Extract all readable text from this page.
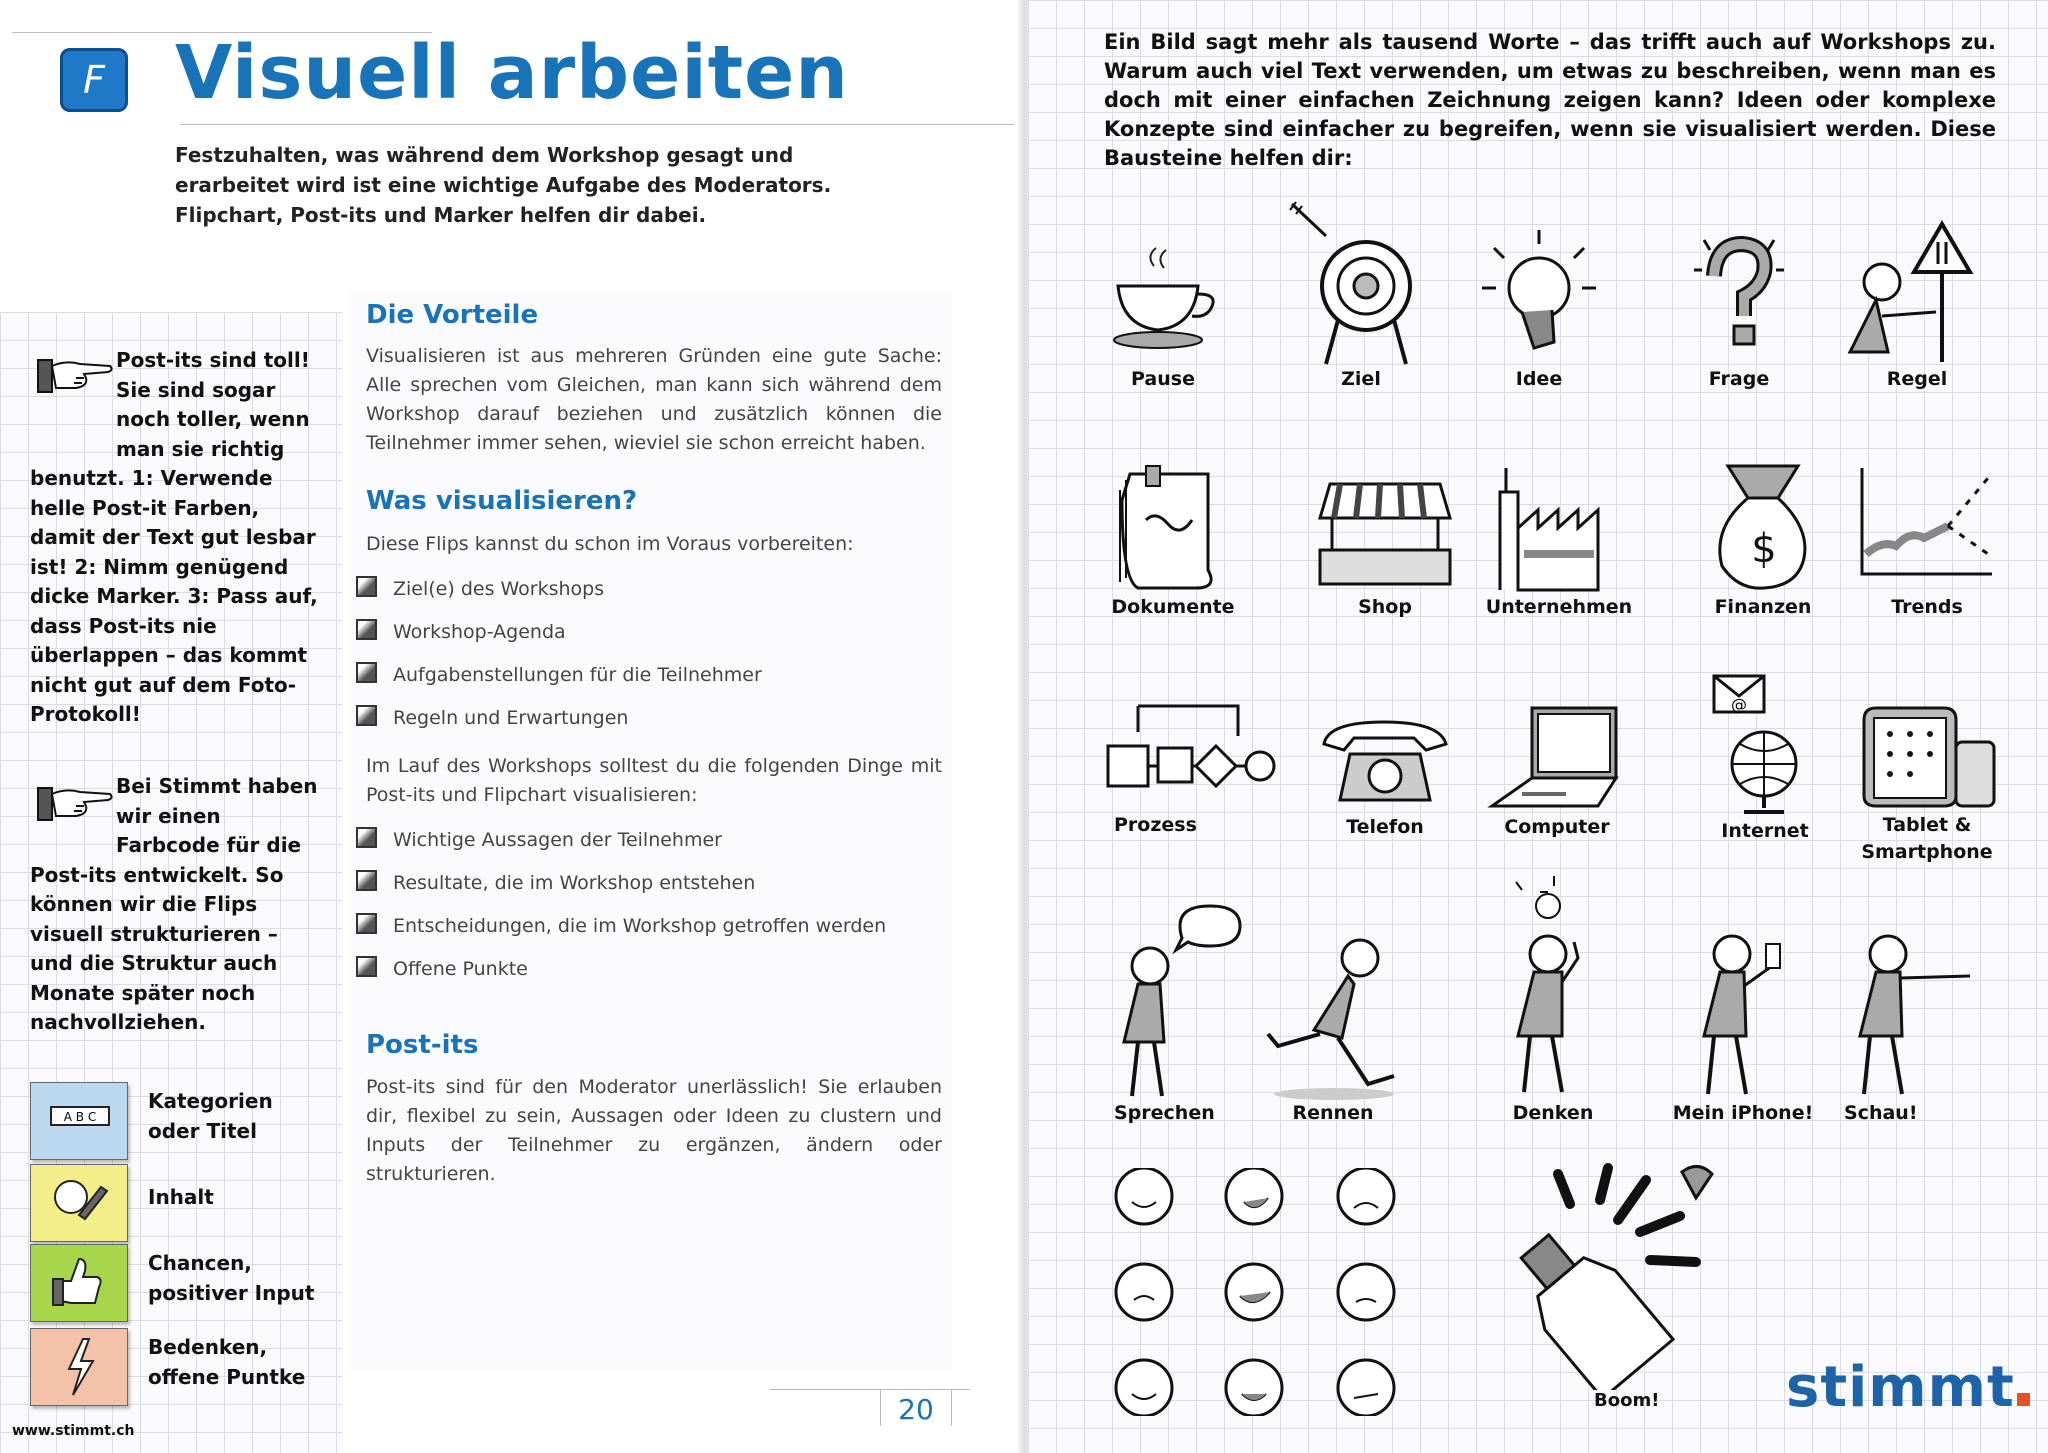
F Visuell arbeiten
Festzuhalten, was während dem Workshop gesagt und erarbeitet wird ist eine wichtige Aufgabe des Moderators. Flipchart, Post-its und Marker helfen dir dabei.
Post-its sind toll! Sie sind sogar noch toller, wenn man sie richtig benutzt. 1: Verwende helle Post-it Farben, damit der Text gut lesbar ist! 2: Nimm genügend dicke Marker. 3: Pass auf, dass Post-its nie überlappen – das kommt nicht gut auf dem Foto-Protokoll!
Bei Stimmt haben wir einen Farbcode für die Post-its entwickelt. So können wir die Flips visuell strukturieren – und die Struktur auch Monate später noch nachvollziehen.
A B C
Kategorien oder Titel
Inhalt
Chancen, positiver Input
Bedenken, offene Puntke
www.stimmt.ch
Die Vorteile
Visualisieren ist aus mehreren Gründen eine gute Sache: Alle sprechen vom Gleichen, man kann sich während dem Workshop darauf beziehen und zusätzlich können die Teilnehmer immer sehen, wieviel sie schon erreicht haben.
Was visualisieren?
Diese Flips kannst du schon im Voraus vorbereiten:
Ziel(e) des Workshops
Workshop-Agenda
Aufgabenstellungen für die Teilnehmer
Regeln und Erwartungen
Im Lauf des Workshops solltest du die folgenden Dinge mit Post-its und Flipchart visualisieren:
Wichtige Aussagen der Teilnehmer
Resultate, die im Workshop entstehen
Entscheidungen, die im Workshop getroffen werden
Offene Punkte
Post-its
Post-its sind für den Moderator unerlässlich! Sie erlauben dir, flexibel zu sein, Aussagen oder Ideen zu clustern und Inputs der Teilnehmer zu ergänzen, ändern oder strukturieren.
20
Ein Bild sagt mehr als tausend Worte – das trifft auch auf Workshops zu. Warum auch viel Text verwenden, um etwas zu beschreiben, wenn man es doch mit einer einfachen Zeichnung zeigen kann? Ideen oder komplexe Konzepte sind einfacher zu begreifen, wenn sie visualisiert werden. Diese Bausteine helfen dir:
Pause	Ziel	Idee	Frage	Regel
Dokumente	Shop	Unternehmen
$
Finanzen	Trends
Prozess	Telefon	Computer
@
Internet	Tablet & Smartphone
Sprechen	Rennen	Denken	Mein iPhone!	Schau!
Boom! stimmt
